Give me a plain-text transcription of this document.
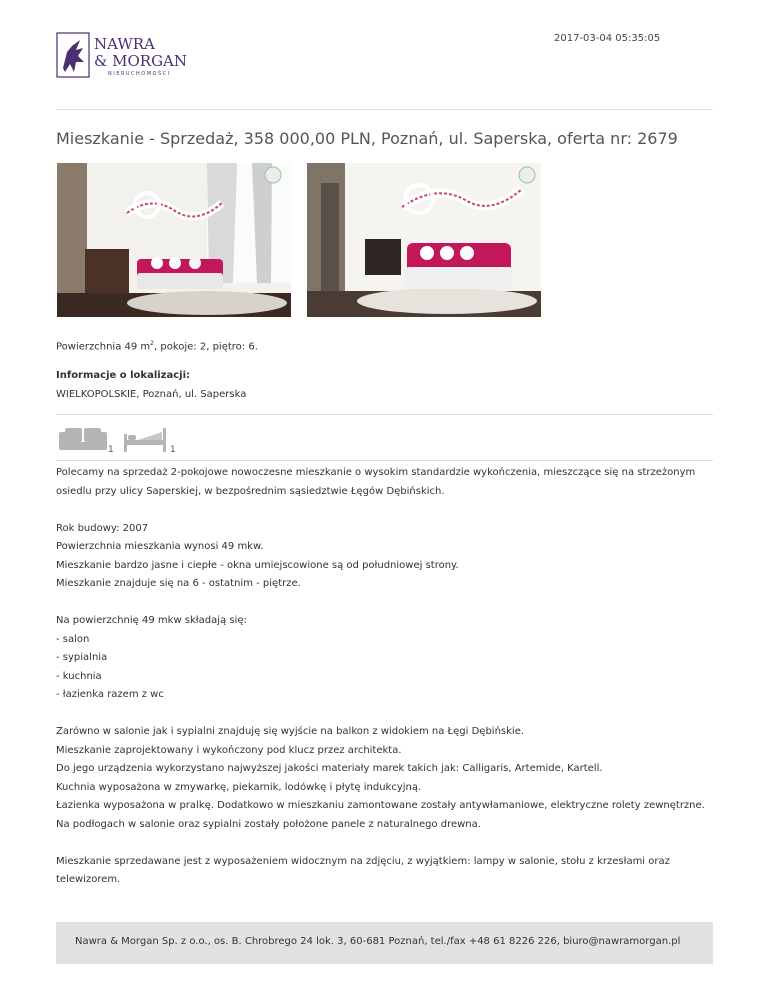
NAWRA
& MORGAN
NIERUCHOMOŚCI
2017-03-04 05:35:05
Mieszkanie - Sprzedaż, 358 000,00 PLN, Poznań, ul. Saperska, oferta nr: 2679
Powierzchnia 49 $m^2$, pokoje: 2, piętro: 6.
Informacje o lokalizacji:
WIELKOPOLSKIE, Poznań, ul. Saperska
1	1

Polecamy na sprzedaż 2-pokojowe nowoczesne mieszkanie o wysokim standardzie wykończenia, mieszczące się na strzeżonym osiedlu przy ulicy Saperskiej, w bezpośrednim sąsiedztwie Łęgów Dębińskich.

Rok budowy: 2007

Powierzchnia mieszkania wynosi 49 mkw.

Mieszkanie bardzo jasne i ciepłe - okna umiejscowione są od południowej strony.

Mieszkanie znajduje się na 6 - ostatnim - piętrze.

Na powierzchnię 49 mkw składają się:

- salon

- sypialnia

- kuchnia

- łazienka razem z wc

Zarówno w salonie jak i sypialni znajduję się wyjście na balkon z widokiem na Łęgi Dębińskie.

Mieszkanie zaprojektowany i wykończony pod klucz przez architekta.

Do jego urządzenia wykorzystano najwyższej jakości materiały marek takich jak: Calligaris, Artemide, Kartell.

Kuchnia wyposażona w zmywarkę, piekarnik, lodówkę i płytę indukcyjną.

Łazienka wyposażona w pralkę. Dodatkowo w mieszkaniu zamontowane zostały antywłamaniowe, elektryczne rolety zewnętrzne.

Na podłogach w salonie oraz sypialni zostały położone panele z naturalnego drewna.

Mieszkanie sprzedawane jest z wyposażeniem widocznym na zdjęciu, z wyjątkiem: lampy w salonie, stołu z krzesłami oraz telewizorem.

Nawra & Morgan Sp. z o.o., os. B. Chrobrego 24 lok. 3, 60-681 Poznań, tel./fax +48 61 8226 226, biuro@nawramorgan.pl
